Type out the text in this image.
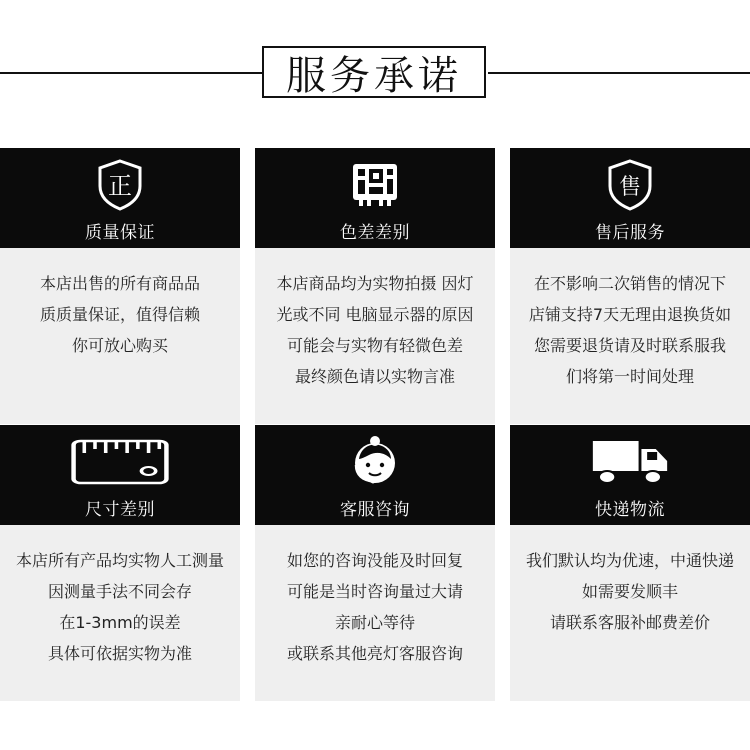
服务承诺
正
质量保证
本店出售的所有商品品
质质量保证，值得信赖
你可放心购买
色差差别
本店商品均为实物拍摄 因灯
光或不同 电脑显示器的原因
可能会与实物有轻微色差
最终颜色请以实物言准
售
售后服务
在不影响二次销售的情况下
店铺支持7天无理由退换货如
您需要退货请及时联系服我
们将第一时间处理
尺寸差别
本店所有产品均实物人工测量
因测量手法不同会存
在1-3mm的误差
具体可依据实物为准
客服咨询
如您的咨询没能及时回复
可能是当时咨询量过大请
亲耐心等待
或联系其他亮灯客服咨询
快递物流
我们默认均为优速，中通快递
如需要发顺丰
请联系客服补邮费差价
